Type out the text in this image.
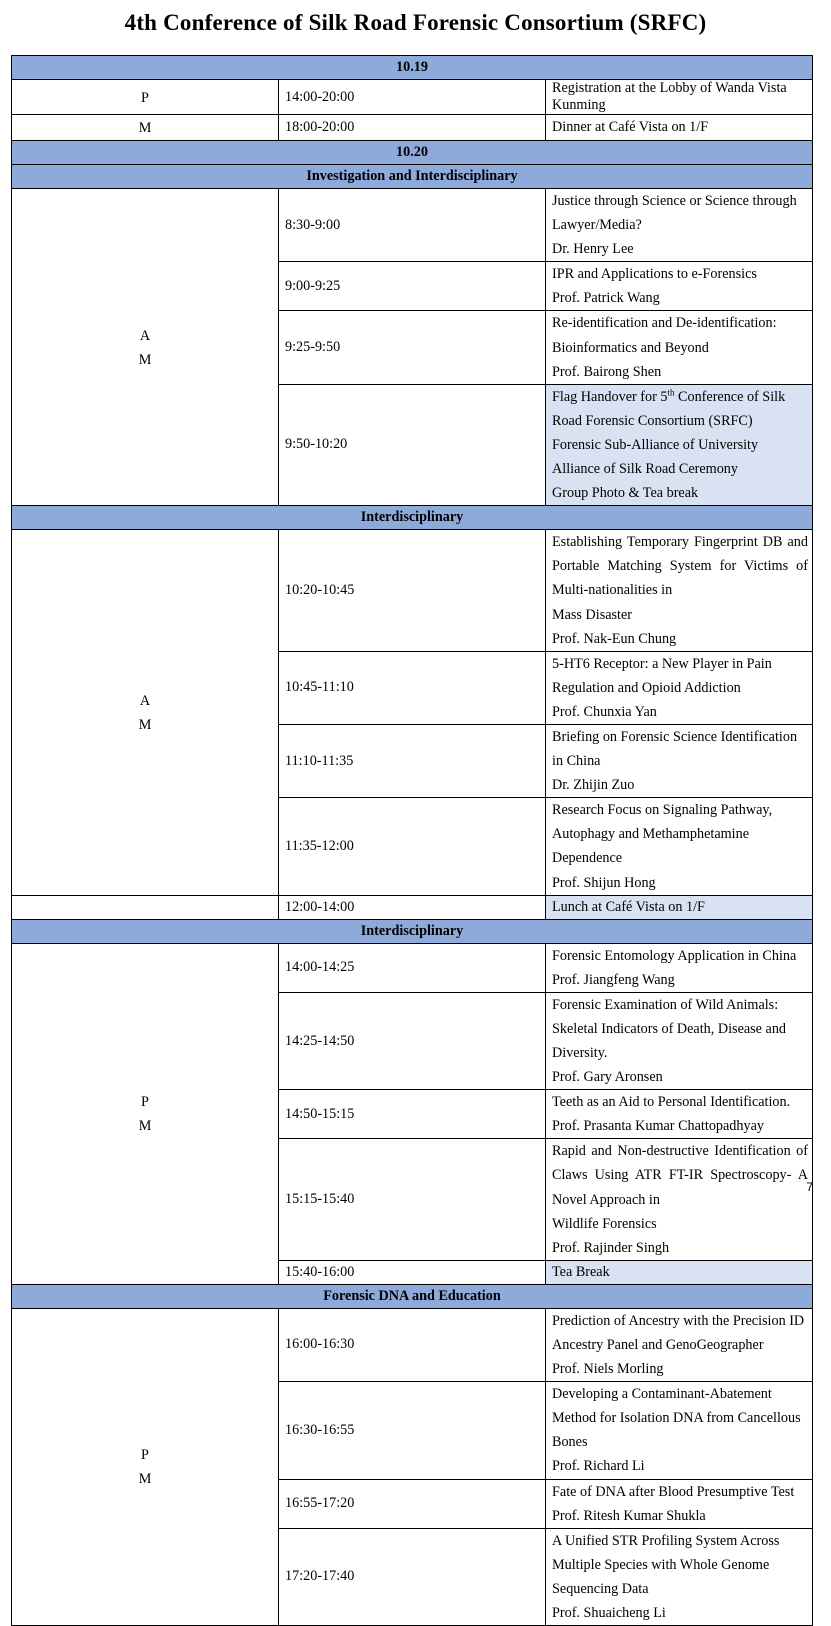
4th Conference of Silk Road Forensic Consortium (SRFC)
10.19		
P	14:00-20:00	Registration at the Lobby of Wanda Vista Kunming
M	18:00-20:00	Dinner at Café Vista on 1/F
10.20		
Investigation and Interdisciplinary		

A
M	8:30-9:00	Justice through Science or Science through Lawyer/Media?
Dr. Henry Lee

	9:00-9:25	IPR and Applications to e-Forensics
Prof. Patrick Wang

	9:25-9:50	Re-identification and De-identification: Bioinformatics and Beyond
Prof. Bairong Shen

	9:50-10:20	Flag Handover for 5th Conference of Silk Road Forensic Consortium (SRFC)
Forensic Sub-Alliance of University Alliance of Silk Road Ceremony
Group Photo & Tea break

Interdisciplinary		

A
M	10:20-10:45	Establishing Temporary Fingerprint DB and Portable Matching System for Victims of Multi-nationalities in
Mass Disaster
Prof. Nak-Eun Chung

	10:45-11:10	5-HT6 Receptor: a New Player in Pain Regulation and Opioid Addiction
Prof. Chunxia Yan

	11:10-11:35	Briefing on Forensic Science Identification in China
Dr. Zhijin Zuo

	11:35-12:00	Research Focus on Signaling Pathway, Autophagy and Methamphetamine Dependence
Prof. Shijun Hong

	12:00-14:00	Lunch at Café Vista on 1/F
Interdisciplinary		

P
M	14:00-14:25	Forensic Entomology Application in China
Prof. Jiangfeng Wang

	14:25-14:50	Forensic Examination of Wild Animals: Skeletal Indicators of Death, Disease and Diversity.
Prof. Gary Aronsen

	14:50-15:15	Teeth as an Aid to Personal Identification.
Prof. Prasanta Kumar Chattopadhyay

	15:15-15:40	Rapid and Non-destructive Identification of Claws Using ATR FT-IR Spectroscopy- A Novel Approach in
Wildlife Forensics
Prof. Rajinder Singh

	15:40-16:00	Tea Break
Forensic DNA and Education		

P
M	16:00-16:30	Prediction of Ancestry with the Precision ID Ancestry Panel and GenoGeographer
Prof. Niels Morling

	16:30-16:55	Developing a Contaminant-Abatement Method for Isolation DNA from Cancellous Bones
Prof. Richard Li

	16:55-17:20	Fate of DNA after Blood Presumptive Test
Prof. Ritesh Kumar Shukla

	17:20-17:40	A Unified STR Profiling System Across Multiple Species with Whole Genome Sequencing Data
Prof. Shuaicheng Li
7
